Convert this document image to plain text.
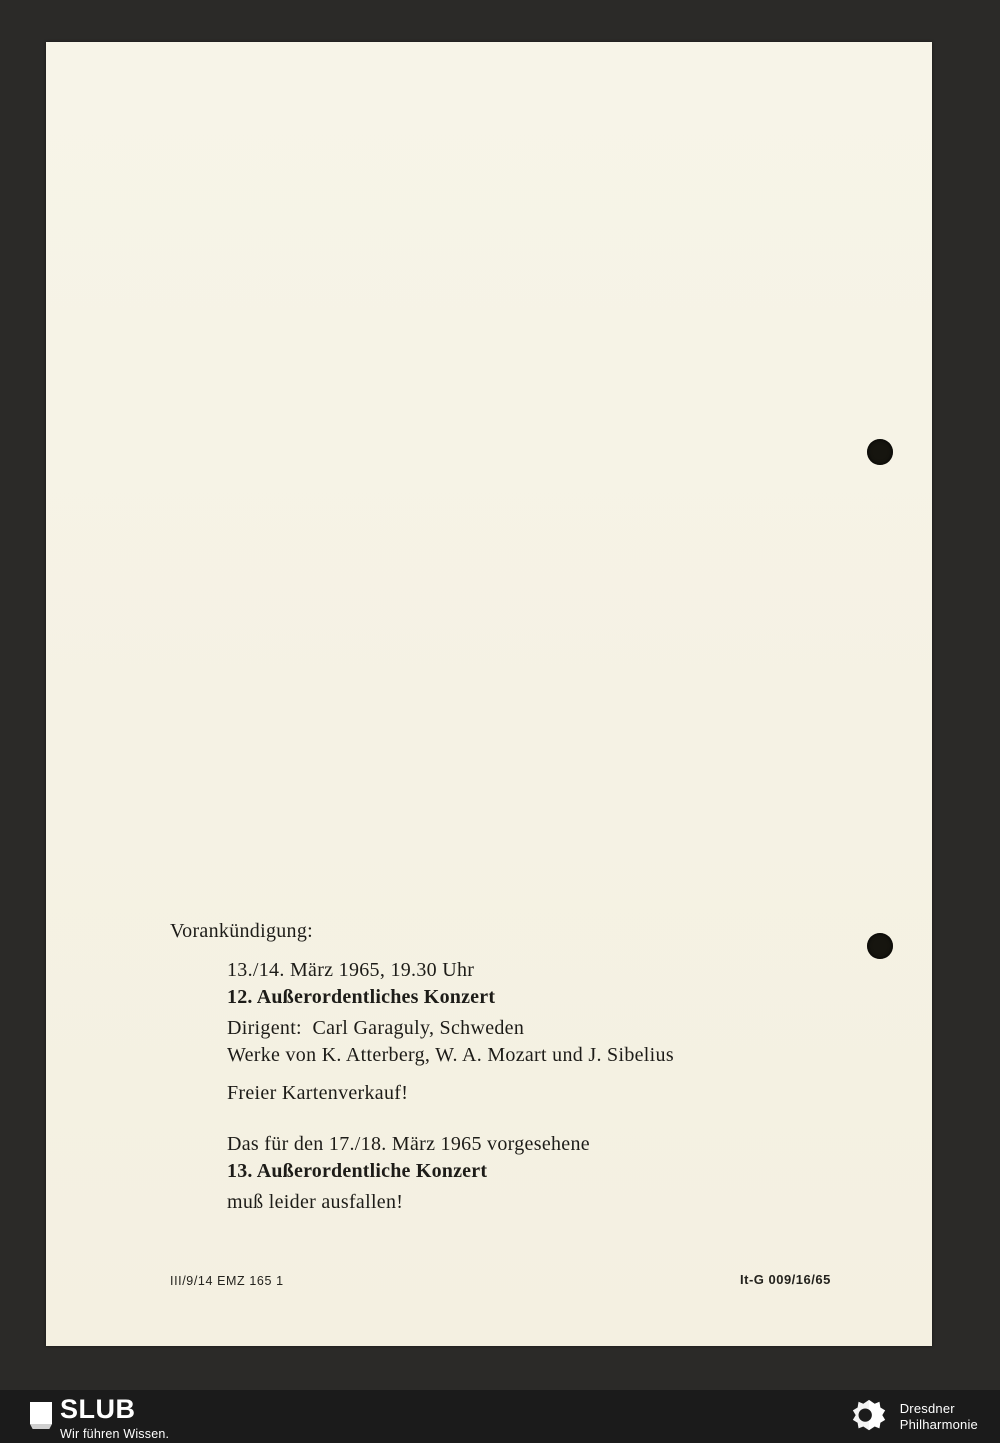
Vorankündigung:
13./14. März 1965, 19.30 Uhr
12. Außerordentliches Konzert
Dirigent:  Carl Garaguly, Schweden
Werke von K. Atterberg, W. A. Mozart und J. Sibelius
Freier Kartenverkauf!
Das für den 17./18. März 1965 vorgesehene
13. Außerordentliche Konzert
muß leider ausfallen!
III/9/14 EMZ 165 1	It-G 009/16/65
SLUB
Wir führen Wissen.
Dresdner
Philharmonie
